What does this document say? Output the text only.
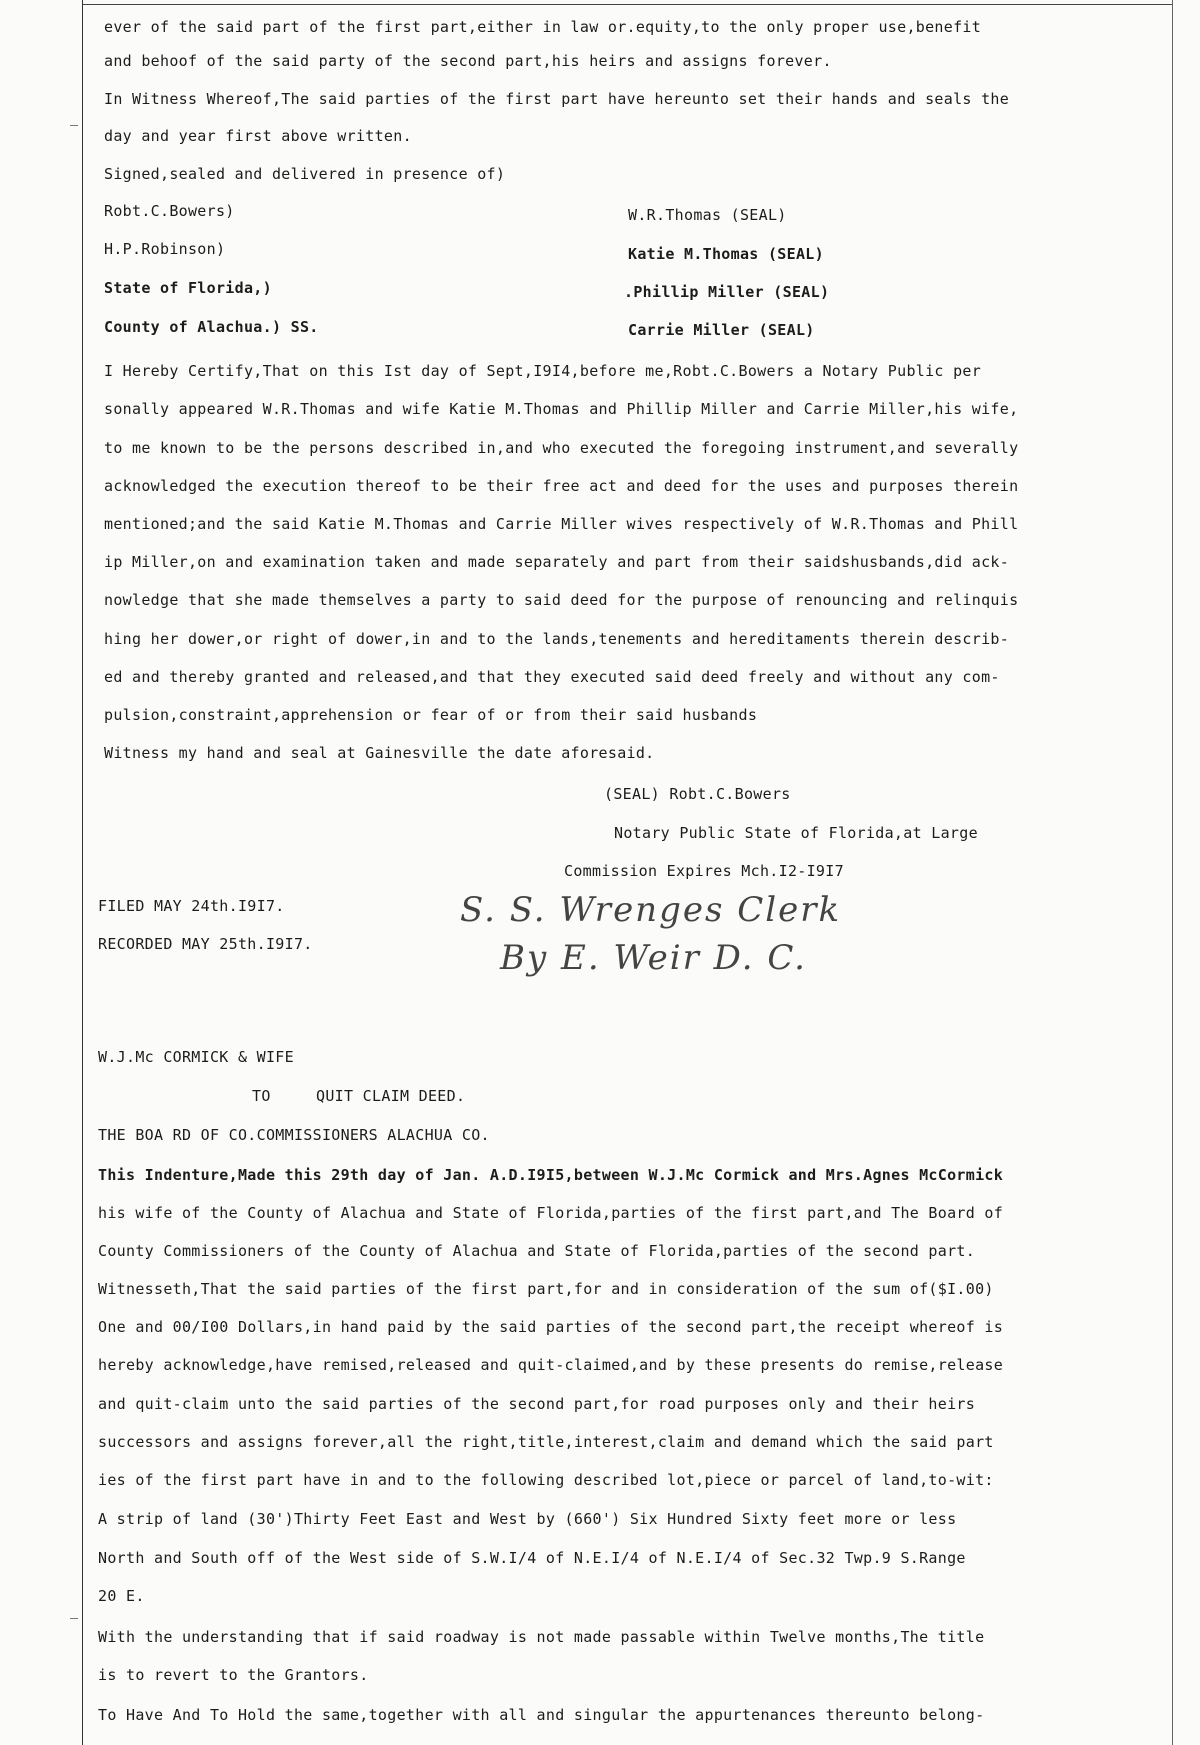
ever of the said part of the first part,either in law or.equity,to the only proper use,benefit
and behoof of the said party of the second part,his heirs and assigns forever.
In Witness Whereof,The said parties of the first part have hereunto set their hands and seals the
day and year first above written.
Signed,sealed and delivered in presence of)
Robt.C.Bowers)
H.P.Robinson)
State of Florida,)
County of Alachua.) SS.
W.R.Thomas (SEAL)
Katie M.Thomas (SEAL)
.Phillip Miller (SEAL)
Carrie Miller (SEAL)
I Hereby Certify,That on this Ist day of Sept,I9I4,before me,Robt.C.Bowers a Notary Public per
sonally appeared W.R.Thomas and wife Katie M.Thomas and Phillip Miller and Carrie Miller,his wife,
to me known to be the persons described in,and who executed the foregoing instrument,and severally
acknowledged the execution thereof to be their free act and deed for the uses and purposes therein
mentioned;and the said Katie M.Thomas and Carrie Miller wives respectively of W.R.Thomas and Phill
ip Miller,on and examination taken and made separately and part from their saidshusbands,did ack-
nowledge that she made themselves a party to said deed for the purpose of renouncing and relinquis
hing her dower,or right of dower,in and to the lands,tenements and hereditaments therein describ-
ed and thereby granted and released,and that they executed said deed freely and without any com-
pulsion,constraint,apprehension or fear of or from their said husbands
Witness my hand and seal at Gainesville the date aforesaid.
(SEAL) Robt.C.Bowers
Notary Public State of Florida,at Large
Commission Expires Mch.I2-I9I7
FILED MAY 24th.I9I7.
RECORDED MAY 25th.I9I7.
S. S. Wrenges Clerk
By E. Weir D. C.
W.J.Mc CORMICK & WIFE
TO	QUIT CLAIM DEED.
THE BOA RD OF CO.COMMISSIONERS ALACHUA CO.
This Indenture,Made this 29th day of Jan. A.D.I9I5,between W.J.Mc Cormick and Mrs.Agnes McCormick
his wife of the County of Alachua and State of Florida,parties of the first part,and The Board of
County Commissioners of the County of Alachua and State of Florida,parties of the second part.
Witnesseth,That the said parties of the first part,for and in consideration of the sum of($I.00)
One and 00/I00 Dollars,in hand paid by the said parties of the second part,the receipt whereof is
hereby acknowledge,have remised,released and quit-claimed,and by these presents do remise,release
and quit-claim unto the said parties of the second part,for road purposes only and their heirs
successors and assigns forever,all the right,title,interest,claim and demand which the said part
ies of the first part have in and to the following described lot,piece or parcel of land,to-wit:
A strip of land (30')Thirty Feet East and West by (660') Six Hundred Sixty feet more or less
North and South off of the West side of S.W.I/4 of N.E.I/4 of N.E.I/4 of Sec.32 Twp.9 S.Range
20 E.
With the understanding that if said roadway is not made passable within Twelve months,The title
is to revert to the Grantors.
To Have And To Hold the same,together with all and singular the appurtenances thereunto belong-
